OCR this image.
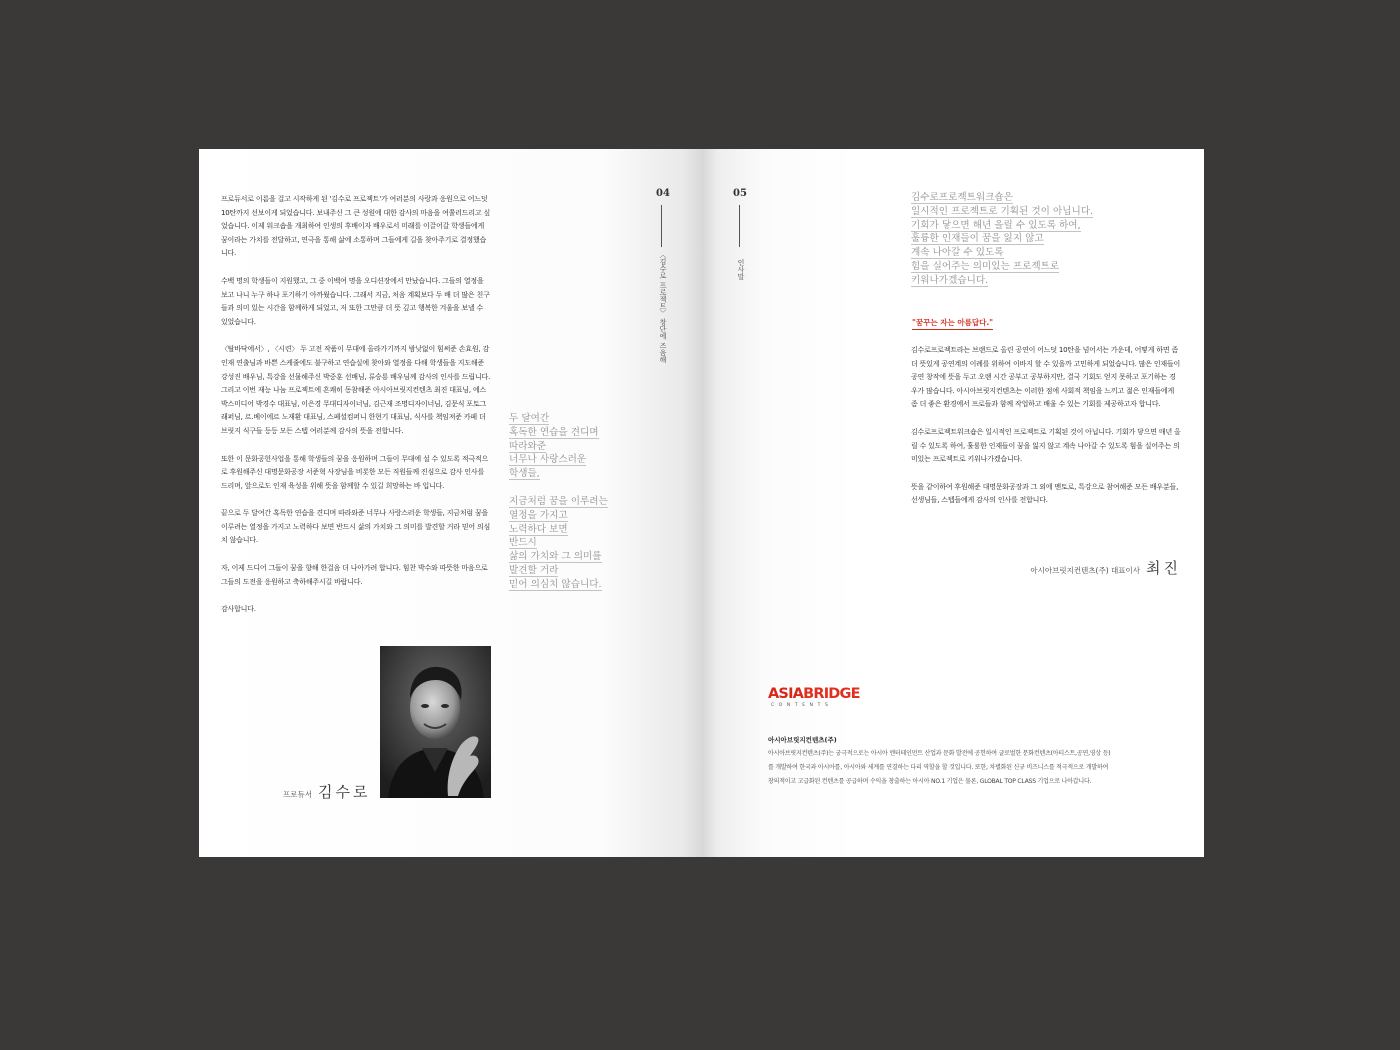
프로듀서로 이름을 걸고 시작하게 된 '김수로 프로젝트'가 여러분의 사랑과 응원으로 어느덧 10탄까지 선보이게 되었습니다. 보내주신 그 큰 성원에 대한 감사의 마음을 여쭐러드리고 싶었습니다. 이제 워크숍을 개최하여 인생의 후배이자 배우로서 미래를 이끌어갈 학생들에게 꿈이라는 가치를 전달하고, 연극을 통해 삶에 소통하며 그들에게 길을 찾아주기로 결정했습니다.

수백 명의 학생들이 지원했고, 그 중 이백여 명을 오디션장에서 만났습니다. 그들의 열정을 보고 나니 누구 하나 포기하기 아까웠습니다. 그래서 지금, 처음 계획보다 두 배 더 많은 친구들과 의미 있는 시간을 함께하게 되었고, 저 또한 그만큼 더 뜻 깊고 행복한 겨울을 보낼 수 있었습니다.

〈탈바닥에서〉, 〈시련〉 두 고전 작품이 무대에 올라가기까지 밤낮없이 힘써준 손효원, 감인재 연출님과 바쁜 스케줄에도 불구하고 연습실에 찾아와 열정을 다해 학생들을 지도해준 강성진 배우님, 특강을 선물해주신 박중훈 선배님, 류승룡 배우님께 감사의 인사를 드립니다. 그리고 이번 재능 나눔 프로젝트에 흔쾌히 동참해준 아시아브릿지컨텐츠 최진 대표님, 에스박스미디어 박경수 대표님, 이은경 무대디자이너님, 김근재 조명디자이너님, 김문식 포토그래퍼님, 르.베이에르 노재환 대표님, 스페셜컴퍼니 한현기 대표님, 식사를 책임져준 카페 더브릿지 식구들 등등 모든 스텝 여러분께 감사의 뜻을 전합니다.

또한 이 문화공헌사업을 통해 학생들의 꿈을 응원하며 그들이 무대에 설 수 있도록 적극적으로 후원해주신 대명문화공장 서준혁 사장님을 비롯한 모든 직원들께 진심으로 감사 인사를 드리며, 앞으로도 인재 육성을 위해 뜻을 함께할 수 있길 희망하는 바 입니다.

끝으로 두 달여간 혹독한 연습을 견디며 따라와준 너무나 사랑스러운 학생들, 지금처럼 꿈을 이루려는 열정을 가지고 노력하다 보면 반드시 삶의 가치와 그 의미를 발견할 거라 믿어 의심치 않습니다.

자, 이제 드디어 그들이 꿈을 향해 한걸음 더 나아가려 합니다. 힘찬 박수와 따뜻한 마음으로 그들의 도전을 응원하고 축하해주시길 바랍니다.

감사합니다.

04
〈김수로 프로젝트〉 창단에 즈음해
두 달여간
혹독한 연습을 견디며
따라와준
너무나 사랑스러운
학생들,
지금처럼 꿈을 이루려는
열정을 가지고
노력하다 보면
반드시
삶의 가치와 그 의미를
발견할 거라
믿어 의심치 않습니다.
프로듀서 김수로
05
인사말
김수로프로젝트워크숍은
일시적인 프로젝트로 기획된 것이 아닙니다.
기회가 닿으면 해년 올릴 수 있도록 하여,
훌륭한 인재들이 꿈을 잃지 않고
계속 나아갈 수 있도록
힘을 실어주는 의미있는 프로젝트로
키워나가겠습니다.
"꿈꾸는 자는 아름답다."

김수로프로젝트라는 브랜드로 올린 공연이 어느덧 10탄을 넘어서는 가운데, 어떻게 하면 좀더 뜻있게 공연계의 이례를 위하여 이바지 할 수 있을까 고민하게 되었습니다. 많은 인재들이 공연 창작에 뜻을 두고 오랜 시간 공부고 공부하지만, 결국 기회도 얻지 못하고 포기하는 경우가 많습니다. 아시아브릿지컨텐츠는 이러한 점에 사회적 책임을 느끼고 젊은 인재들에게 좀 더 좋은 환경에서 프로들과 함께 작업하고 배울 수 있는 기회를 제공하고자 합니다.

김수로프로젝트워크숍은 일시적인 프로젝트로 기획된 것이 아닙니다. 기회가 닿으면 매년 올릴 수 있도록 하여, 훌륭한 인재들이 꿈을 잃지 않고 계속 나아갈 수 있도록 힘을 실어주는 의미있는 프로젝트로 키워나가겠습니다.

뜻을 같이하여 후원해준 대명문화공장과 그 외에 멘토로, 특강으로 참여해준 모든 배우분들, 선생님들, 스텝들에게 감사의 인사를 전합니다.

아시아브릿지컨텐츠(주) 대표이사 최진
ASIABRIDGE
CONTENTS
아시아브릿지컨텐츠(주)
아시아브릿지컨텐츠(주)는 궁극적으로는 아시아 엔터테인먼트 산업과 문화 발전에 공헌하여 글로벌한 문화컨텐츠(아티스트,공연,영상 등)를 개발하여 한국과 아시아를, 아시아와 세계를 연결하는 다리 역할을 할 것입니다. 또한, 차별화된 신규 비즈니스를 적극적으로 개발하여 창의적이고 고급화된 컨텐츠를 공급하며 수익을 창출하는 아시아 NO.1 기업은 물론, GLOBAL TOP CLASS 기업으로 나아갑니다.
